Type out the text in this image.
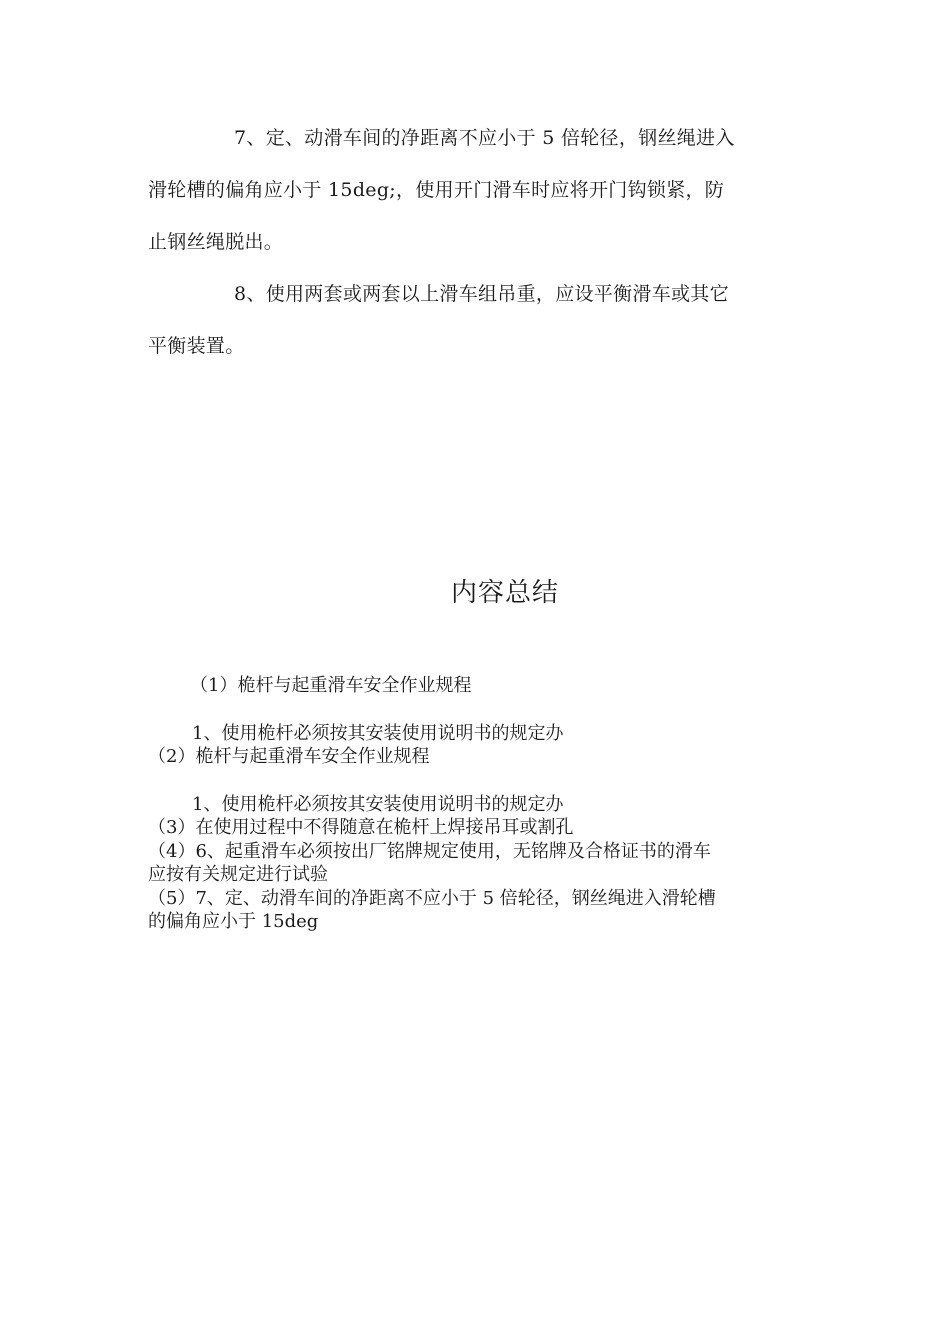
7、定、动滑车间的净距离不应小于 5 倍轮径，钢丝绳进入

滑轮槽的偏角应小于 15deg;，使用开门滑车时应将开门钩锁紧，防
止钢丝绳脱出。

8、使用两套或两套以上滑车组吊重，应设平衡滑车或其它

平衡装置。
内容总结
（1）桅杆与起重滑车安全作业规程
1、使用桅杆必须按其安装使用说明书的规定办
（2）桅杆与起重滑车安全作业规程
1、使用桅杆必须按其安装使用说明书的规定办
（3）在使用过程中不得随意在桅杆上焊接吊耳或割孔
（4）6、起重滑车必须按出厂铭牌规定使用，无铭牌及合格证书的滑车
应按有关规定进行试验
（5）7、定、动滑车间的净距离不应小于 5 倍轮径，钢丝绳进入滑轮槽
的偏角应小于 15deg
